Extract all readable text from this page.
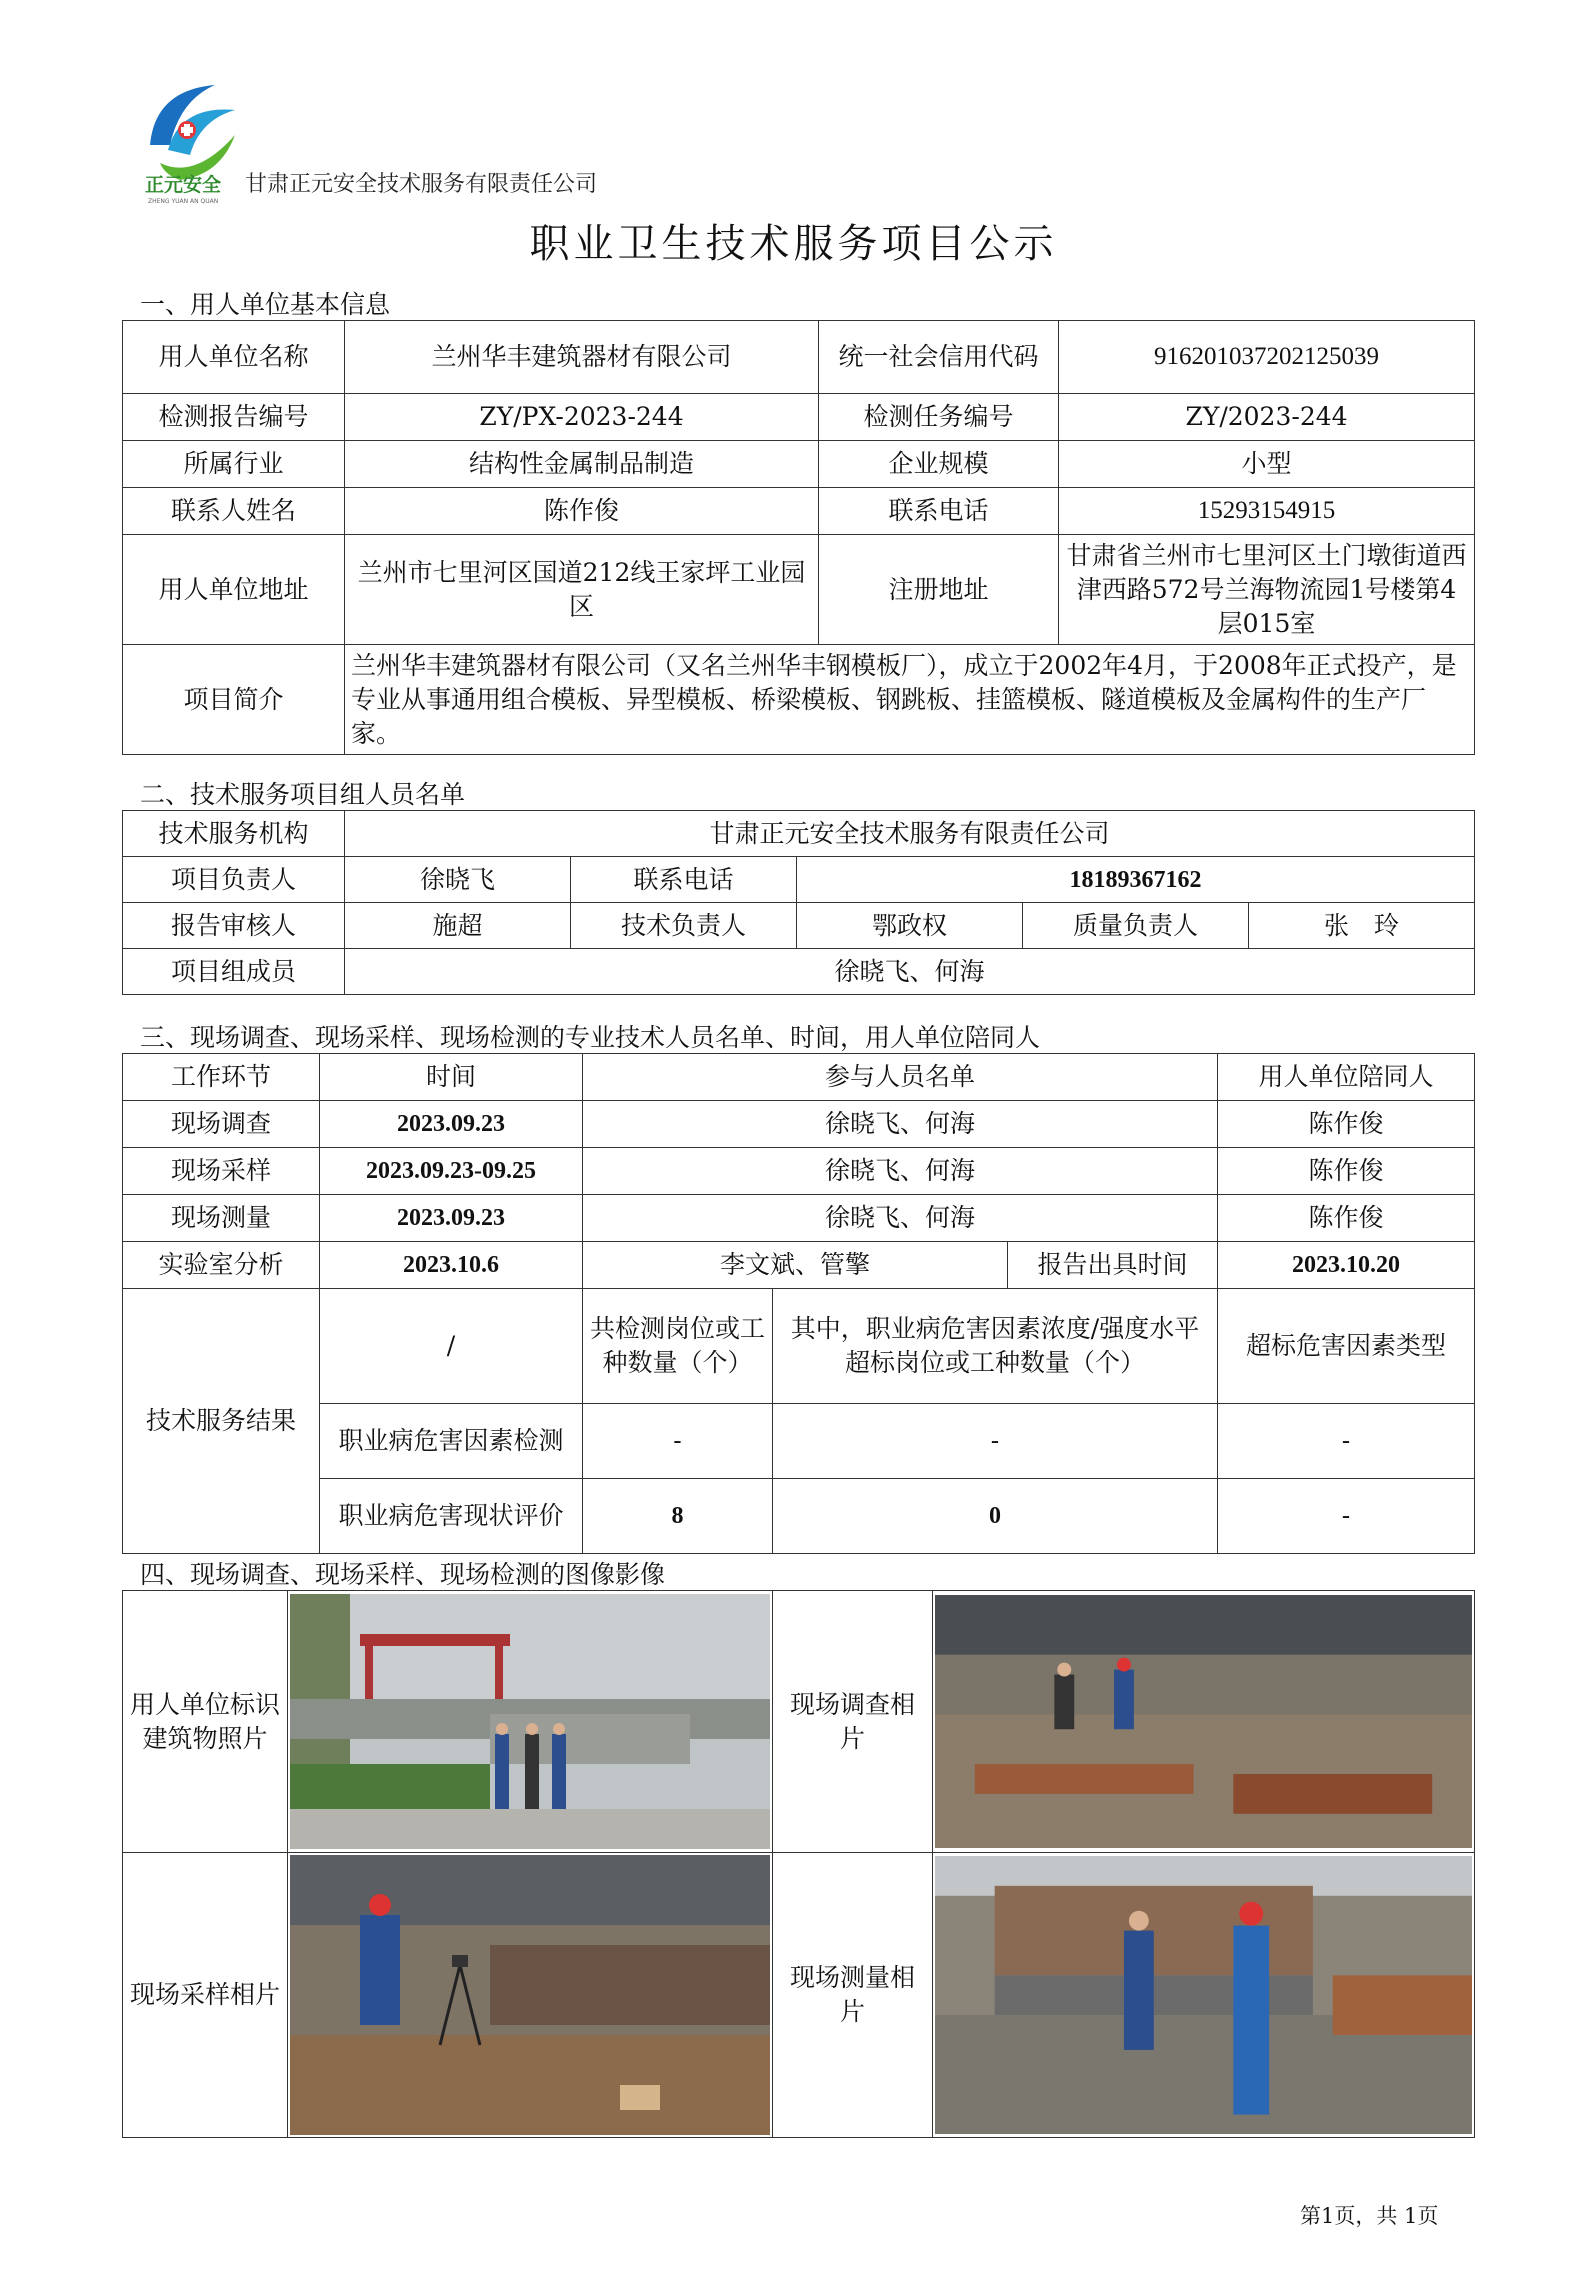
正元安全
ZHENG YUAN AN QUAN
甘肃正元安全技术服务有限责任公司
职业卫生技术服务项目公示
一、用人单位基本信息
用人单位名称	兰州华丰建筑器材有限公司	统一社会信用代码	916201037202125039
检测报告编号	ZY/PX-2023-244	检测任务编号	ZY/2023-244
所属行业	结构性金属制品制造	企业规模	小型
联系人姓名	陈作俊	联系电话	15293154915
用人单位地址	兰州市七里河区国道212线王家坪工业园区	注册地址	甘肃省兰州市七里河区土门墩街道西津西路572号兰海物流园1号楼第4层015室
项目简介	兰州华丰建筑器材有限公司（又名兰州华丰钢模板厂），成立于2002年4月，于2008年正式投产，是专业从事通用组合模板、异型模板、桥梁模板、钢跳板、挂篮模板、隧道模板及金属构件的生产厂家。		
二、技术服务项目组人员名单
技术服务机构	甘肃正元安全技术服务有限责任公司				
项目负责人	徐晓飞	联系电话	18189367162		
报告审核人	施超	技术负责人	鄂政权	质量负责人	张　玲
项目组成员	徐晓飞、何海				
三、现场调查、现场采样、现场检测的专业技术人员名单、时间，用人单位陪同人
工作环节	时间	参与人员名单			用人单位陪同人
现场调查	2023.09.23	徐晓飞、何海			陈作俊
现场采样	2023.09.23-09.25	徐晓飞、何海			陈作俊
现场测量	2023.09.23	徐晓飞、何海			陈作俊
实验室分析	2023.10.6	李文斌、管擎		报告出具时间	2023.10.20
技术服务结果	/	共检测岗位或工种数量（个）	其中，职业病危害因素浓度/强度水平超标岗位或工种数量（个）		超标危害因素类型
	职业病危害因素检测	-	-		-
	职业病危害现状评价	8	0		-
四、现场调查、现场采样、现场检测的图像影像
用人单位标识建筑物照片		现场调查相片	

现场采样相片		现场测量相片	
第1页，共 1页
